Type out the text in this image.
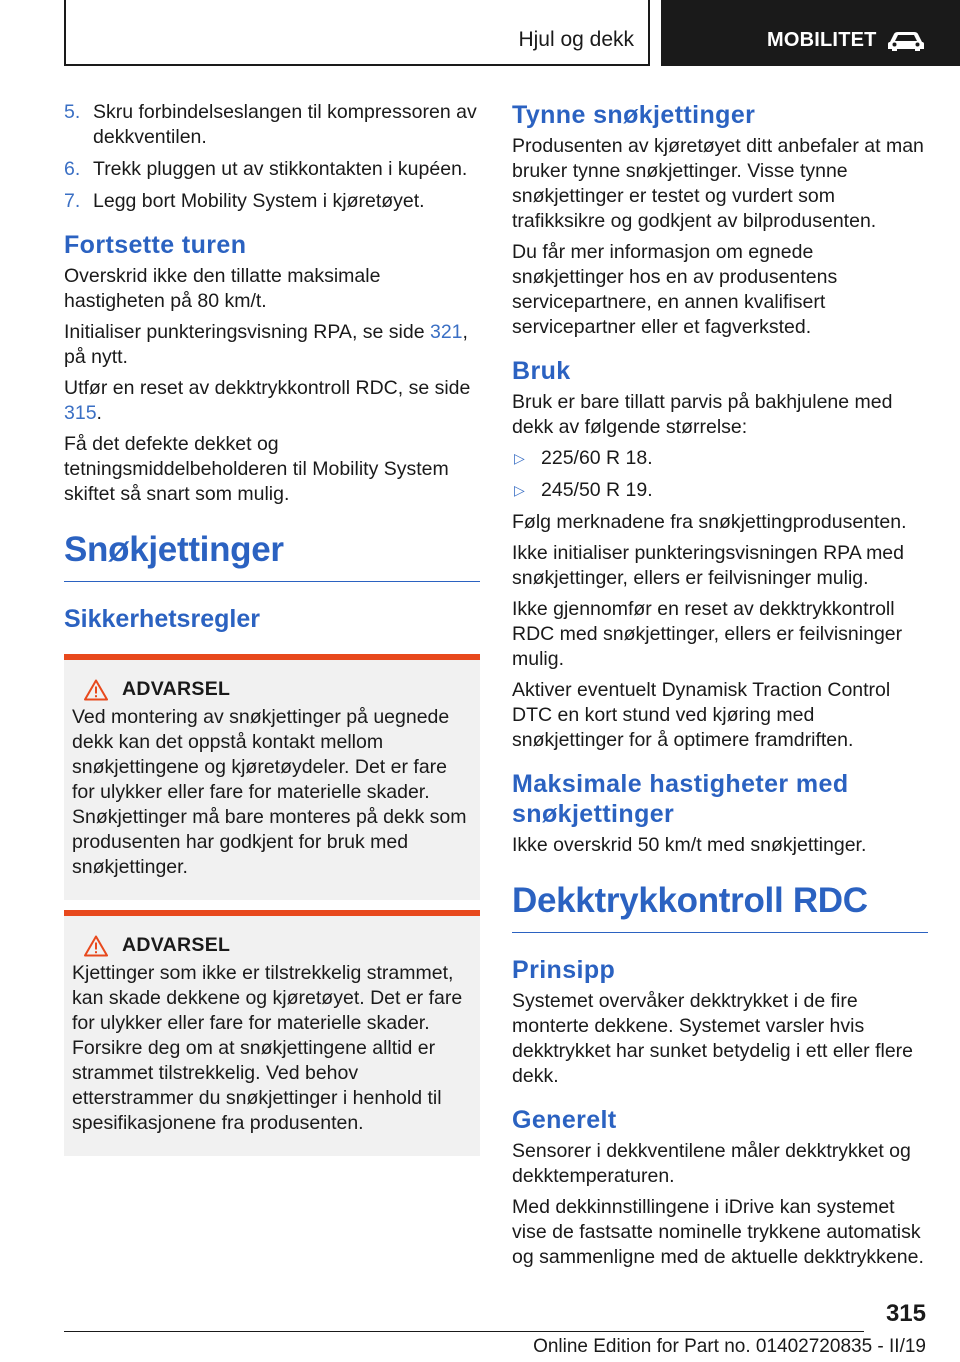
Hjul og dekk	MOBILITET
5. Skru forbindelseslangen til kompressoren av dekkventilen.
6. Trekk pluggen ut av stikkontakten i kupéen.
7. Legg bort Mobility System i kjøretøyet.
Fortsette turen

Overskrid ikke den tillatte maksimale hastigheten på 80 km/t.

Initialiser punkteringsvisning RPA, se side 321, på nytt.

Utfør en reset av dekktrykkontroll RDC, se side 315.

Få det defekte dekket og tetningsmiddelbeholderen til Mobility System skiftet så snart som mulig.

Snøkjettinger
Sikkerhetsregler
ADVARSEL

Ved montering av snøkjettinger på uegnede dekk kan det oppstå kontakt mellom snøkjettingene og kjøretøydeler. Det er fare for ulykker eller fare for materielle skader. Snøkjettinger må bare monteres på dekk som produsenten har godkjent for bruk med snøkjettinger.

ADVARSEL

Kjettinger som ikke er tilstrekkelig strammet, kan skade dekkene og kjøretøyet. Det er fare for ulykker eller fare for materielle skader. Forsikre deg om at snøkjettingene alltid er strammet tilstrekkelig. Ved behov etterstrammer du snøkjettinger i henhold til spesifikasjonene fra produsenten.

Tynne snøkjettinger

Produsenten av kjøretøyet ditt anbefaler at man bruker tynne snøkjettinger. Visse tynne snøkjettinger er testet og vurdert som trafikksikre og godkjent av bilprodusenten.

Du får mer informasjon om egnede snøkjettinger hos en av produsentens servicepartnere, en annen kvalifisert servicepartner eller et fagverksted.

Bruk

Bruk er bare tillatt parvis på bakhjulene med dekk av følgende størrelse:

▷ 225/60 R 18.
▷ 245/50 R 19.

Følg merknadene fra snøkjettingprodusenten.

Ikke initialiser punkteringsvisningen RPA med snøkjettinger, ellers er feilvisninger mulig.

Ikke gjennomfør en reset av dekktrykkontroll RDC med snøkjettinger, ellers er feilvisninger mulig.

Aktiver eventuelt Dynamisk Traction Control DTC en kort stund ved kjøring med snøkjettinger for å optimere framdriften.

Maksimale hastigheter med snøkjettinger

Ikke overskrid 50 km/t med snøkjettinger.

Dekktrykkontroll RDC
Prinsipp

Systemet overvåker dekktrykket i de fire monterte dekkene. Systemet varsler hvis dekktrykket har sunket betydelig i ett eller flere dekk.

Generelt

Sensorer i dekkventilene måler dekktrykket og dekktemperaturen.

Med dekkinnstillingene i iDrive kan systemet vise de fastsatte nominelle trykkene automatisk og sammenligne med de aktuelle dekktrykkene.

315
Online Edition for Part no. 01402720835 - II/19
